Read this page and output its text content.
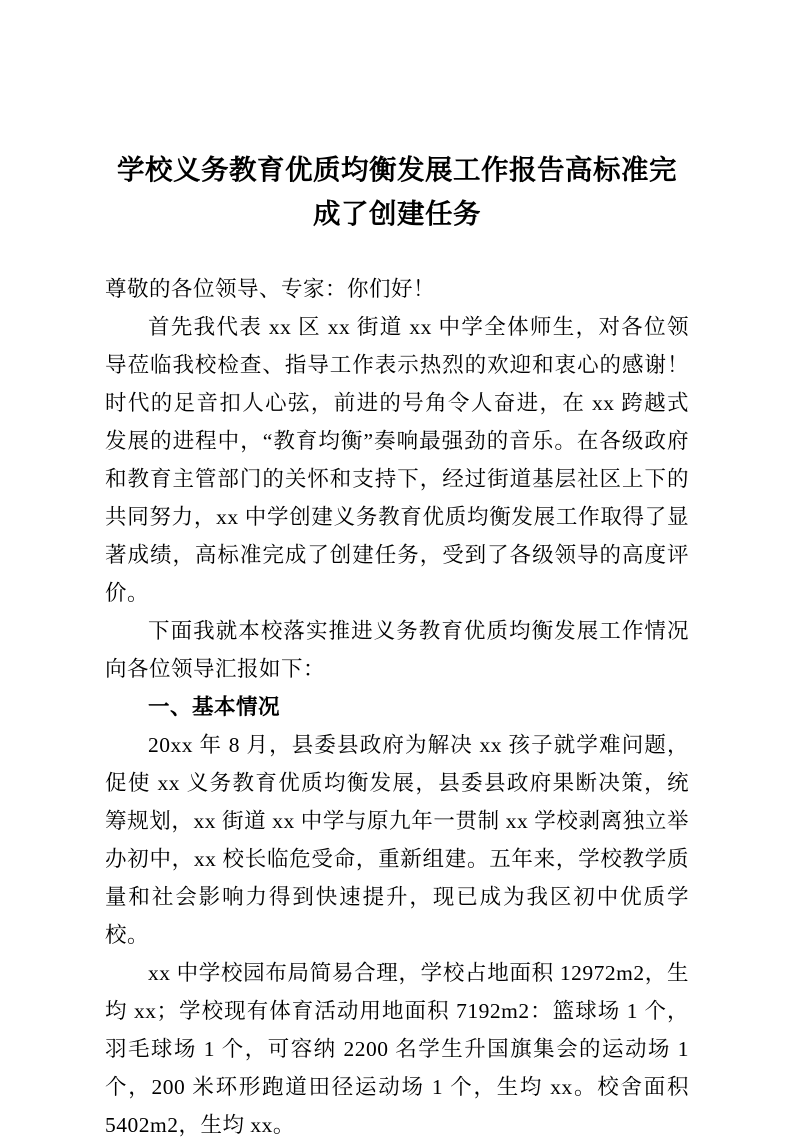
学校义务教育优质均衡发展工作报告高标准完成了创建任务

尊敬的各位领导、专家：你们好！

首先我代表 xx 区 xx 街道 xx 中学全体师生，对各位领导莅临我校检查、指导工作表示热烈的欢迎和衷心的感谢！时代的足音扣人心弦，前进的号角令人奋进，在 xx 跨越式发展的进程中，“教育均衡”奏响最强劲的音乐。在各级政府和教育主管部门的关怀和支持下，经过街道基层社区上下的共同努力，xx 中学创建义务教育优质均衡发展工作取得了显著成绩，高标准完成了创建任务，受到了各级领导的高度评价。

下面我就本校落实推进义务教育优质均衡发展工作情况向各位领导汇报如下：

一、基本情况

20xx 年 8 月，县委县政府为解决 xx 孩子就学难问题，促使 xx 义务教育优质均衡发展，县委县政府果断决策，统筹规划，xx 街道 xx 中学与原九年一贯制 xx 学校剥离独立举办初中，xx 校长临危受命，重新组建。五年来，学校教学质量和社会影响力得到快速提升，现已成为我区初中优质学校。

xx 中学校园布局简易合理，学校占地面积 12972m2，生均 xx；学校现有体育活动用地面积 7192m2：篮球场 1 个，羽毛球场 1 个，可容纳 2200 名学生升国旗集会的运动场 1 个，200 米环形跑道田径运动场 1 个，生均 xx。校舍面积 5402m2，生均 xx。
